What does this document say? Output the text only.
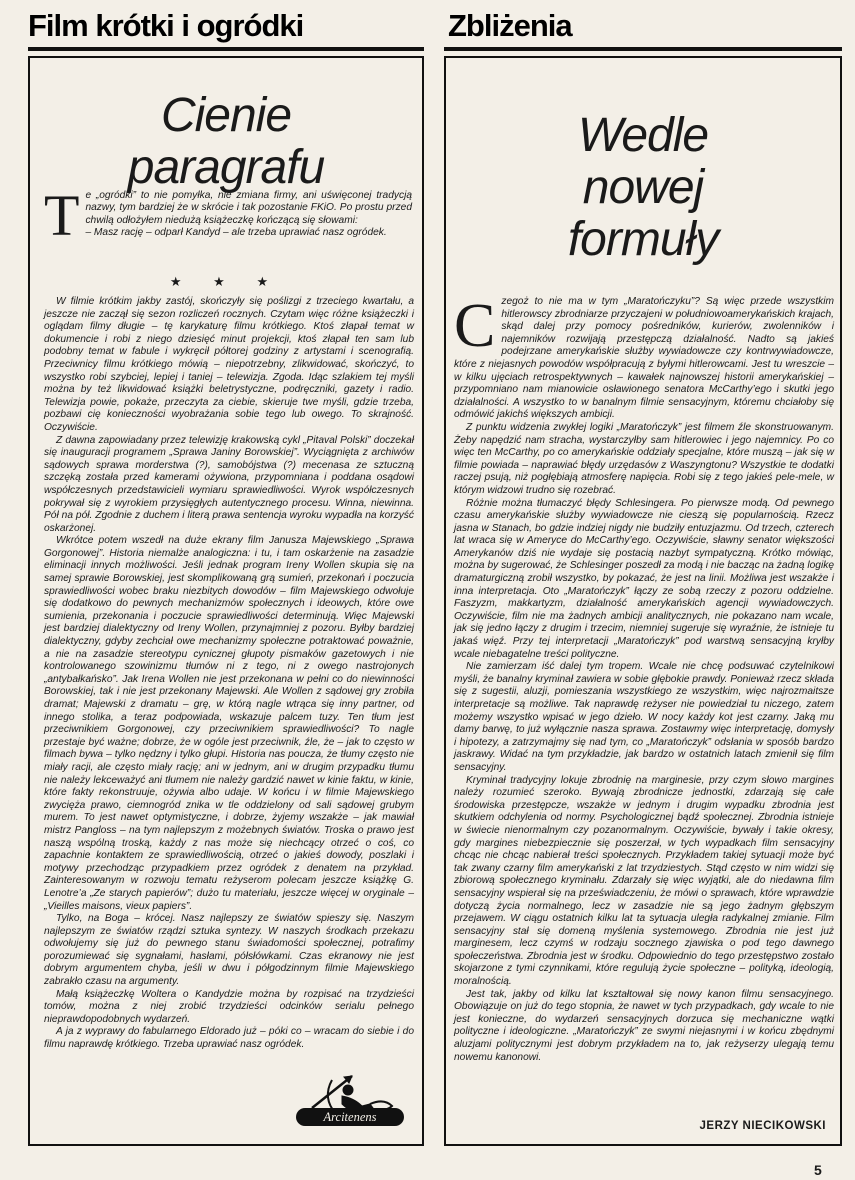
Film krótki i ogródki	Zbliżenia
Cienie
paragrafu
Wedle
nowej
formuły

Te „ogródki” to nie pomyłka, nie zmiana firmy, ani uświęconej tradycją nazwy, tym bardziej że w skrócie i tak pozostanie FKiO. Po prostu przed chwilą odłożyłem niedużą książeczkę kończącą się słowami:

– Masz rację – odparł Kandyd – ale trzeba uprawiać nasz ogródek.

★ ★ ★

W filmie krótkim jakby zastój, skończyły się poślizgi z trzeciego kwartału, a jeszcze nie zaczął się sezon rozliczeń rocznych. Czytam więc różne książeczki i oglądam filmy długie – tę karykaturę filmu krótkiego. Ktoś złapał temat w dokumencie i robi z niego dziesięć minut projekcji, ktoś złapał ten sam lub podobny temat w fabule i wykręcił półtorej godziny z artystami i scenografią. Przeciwnicy filmu krótkiego mówią – niepotrzebny, zlikwidować, skończyć, to wszystko robi szybciej, lepiej i taniej – telewizja. Zgoda. Idąc szlakiem tej myśli można by też likwidować książki beletrystyczne, podręczniki, gazety i radio. Telewizja powie, pokaże, przeczyta za ciebie, skieruje twe myśli, gdzie trzeba, pozbawi cię konieczności wyobrażania sobie tego lub owego. To skrajność. Oczywiście.

Z dawna zapowiadany przez telewizję krakowską cykl „Pitaval Polski” doczekał się inauguracji programem „Sprawa Janiny Borowskiej”. Wyciągnięta z archiwów sądowych sprawa morderstwa (?), samobójstwa (?) mecenasa ze sztuczną szczęką została przed kamerami ożywiona, przypomniana i poddana osądowi współczesnych przedstawicieli wymiaru sprawiedliwości. Wyrok współczesnych pokrywał się z wyrokiem przysięgłych autentycznego procesu. Winna, niewinna. Pół na pół. Zgodnie z duchem i literą prawa sentencja wyroku wypadła na korzyść oskarżonej.

Wkrótce potem wszedł na duże ekrany film Janusza Majewskiego „Sprawa Gorgonowej”. Historia niemalże analogiczna: i tu, i tam oskarżenie na zasadzie eliminacji innych możliwości. Jeśli jednak program Ireny Wollen skupia się na samej sprawie Borowskiej, jest skomplikowaną grą sumień, przekonań i poczucia sprawiedliwości wobec braku niezbitych dowodów – film Majewskiego odwołuje się dodatkowo do pewnych mechanizmów społecznych i ideowych, które owe sumienia, przekonania i poczucie sprawiedliwości determinują. Więc Majewski jest bardziej dialektyczny od Ireny Wollen, przynajmniej z pozoru. Byłby bardziej dialektyczny, gdyby zechciał owe mechanizmy społeczne potraktować poważnie, a nie na zasadzie stereotypu cynicznej głupoty pismaków gazetowych i nie kontrolowanego szowinizmu tłumów ni z tego, ni z owego nastrojonych „antybałkańsko”. Jak Irena Wollen nie jest przekonana w pełni co do niewinności Borowskiej, tak i nie jest przekonany Majewski. Ale Wollen z sądowej gry zrobiła dramat; Majewski z dramatu – grę, w którą nagle wtrąca się inny partner, od innego stolika, a teraz podpowiada, wskazuje palcem tuzy. Ten tłum jest przeciwnikiem Gorgonowej, czy przeciwnikiem sprawiedliwości? To nagle przestaje być ważne; dobrze, że w ogóle jest przeciwnik, źle, że – jak to często w filmach bywa – tylko nędzny i tylko głupi. Historia nas poucza, że tłumy często nie miały racji, ale często miały rację; ani w jednym, ani w drugim przypadku tłumu nie należy lekceważyć ani tłumem nie należy gardzić nawet w kinie faktu, w kinie, które fakty rekonstruuje, ożywia albo udaje. W końcu i w filmie Majewskiego zwycięża prawo, ciemnogród znika w tle oddzielony od sali sądowej grubym murem. To jest nawet optymistyczne, i dobrze, żyjemy wszakże – jak mawiał mistrz Pangloss – na tym najlepszym z możebnych światów. Troska o prawo jest naszą wspólną troską, każdy z nas może się niechcący otrzeć o coś, co zapachnie kontaktem ze sprawiedliwością, otrzeć o jakieś dowody, poszlaki i motywy przechodząc przypadkiem przez ogródek z denatem na przykład. Zainteresowanym w rozwoju tematu reżyserom polecam jeszcze książkę G. Lenotre’a „Ze starych papierów”; dużo tu materiału, jeszcze więcej w oryginale – „Vieilles maisons, vieux papiers”.

Tylko, na Boga – krócej. Nasz najlepszy ze światów spieszy się. Naszym najlepszym ze światów rządzi sztuka syntezy. W naszych środkach przekazu odwołujemy się już do pewnego stanu świadomości społecznej, potrafimy porozumiewać się sygnałami, hasłami, półsłówkami. Czas ekranowy nie jest dobrym argumentem chyba, jeśli w dwu i półgodzinnym filmie Majewskiego zabrakło czasu na argumenty.

Małą książeczkę Woltera o Kandydzie można by rozpisać na trzydzieści tomów, można z niej zrobić trzydzieści odcinków serialu pełnego nieprawdopodobnych wydarzeń.

A ja z wyprawy do fabularnego Eldorado już – póki co – wracam do siebie i do filmu naprawdę krótkiego. Trzeba uprawiać nasz ogródek.

Arcitenens

Czegoż to nie ma w tym „Maratończyku”? Są więc przede wszystkim hitlerowscy zbrodniarze przyczajeni w południowoamerykańskich krajach, skąd dalej przy pomocy pośredników, kurierów, zwolenników i najemników rozwijają przestępczą działalność. Nadto są jakieś podejrzane amerykańskie służby wywiadowcze czy kontrwywiadowcze, które z niejasnych powodów współpracują z byłymi hitlerowcami. Jest tu wreszcie – w kilku ujęciach retrospektywnych – kawałek najnowszej historii amerykańskiej – przypomniano nam mianowicie osławionego senatora McCarthy’ego i skutki jego działalności. A wszystko to w banalnym filmie sensacyjnym, któremu chciałoby się odmówić jakichś większych ambicji.

Z punktu widzenia zwykłej logiki „Maratończyk” jest filmem źle skonstruowanym. Żeby napędzić nam stracha, wystarczyłby sam hitlerowiec i jego najemnicy. Po co więc ten McCarthy, po co amerykańskie oddziały specjalne, które muszą – jak się w filmie powiada – naprawiać błędy urzędasów z Waszyngtonu? Wszystkie te dodatki raczej psują, niż pogłębiają atmosferę napięcia. Robi się z tego jakieś pele-mele, w którym widzowi trudno się rozebrać.

Różnie można tłumaczyć błędy Schlesingera. Po pierwsze modą. Od pewnego czasu amerykańskie służby wywiadowcze nie cieszą się popularnością. Rzecz jasna w Stanach, bo gdzie indziej nigdy nie budziły entuzjazmu. Od trzech, czterech lat wraca się w Ameryce do McCarthy’ego. Oczywiście, sławny senator większości Amerykanów dziś nie wydaje się postacią nazbyt sympatyczną. Krótko mówiąc, można by sugerować, że Schlesinger poszedł za modą i nie bacząc na żadną logikę dramaturgiczną zrobił wszystko, by pokazać, że jest na linii. Możliwa jest wszakże i inna interpretacja. Oto „Maratończyk” łączy ze sobą rzeczy z pozoru oddzielne. Faszyzm, makkartyzm, działalność amerykańskich agencji wywiadowczych. Oczywiście, film nie ma żadnych ambicji analitycznych, nie pokazano nam wcale, jak się jedno łączy z drugim i trzecim, niemniej sugeruje się wyraźnie, że istnieje tu jakaś więź. Przy tej interpretacji „Maratończyk” pod warstwą sensacyjną kryłby wcale niebagatelne treści polityczne.

Nie zamierzam iść dalej tym tropem. Wcale nie chcę podsuwać czytelnikowi myśli, że banalny kryminał zawiera w sobie głębokie prawdy. Ponieważ rzecz składa się z sugestii, aluzji, pomieszania wszystkiego ze wszystkim, więc najrozmaitsze interpretacje są możliwe. Tak naprawdę reżyser nie powiedział tu niczego, zatem możemy wszystko wpisać w jego dzieło. W nocy każdy kot jest czarny. Jaką mu damy barwę, to już wyłącznie nasza sprawa. Zostawmy więc interpretację, domysły i hipotezy, a zatrzymajmy się nad tym, co „Maratończyk” odsłania w sposób bardzo jaskrawy. Widać na tym przykładzie, jak bardzo w ostatnich latach zmienił się film sensacyjny.

Kryminał tradycyjny lokuje zbrodnię na marginesie, przy czym słowo margines należy rozumieć szeroko. Bywają zbrodnicze jednostki, zdarzają się całe środowiska przestępcze, wszakże w jednym i drugim wypadku zbrodnia jest skutkiem odchylenia od normy. Psychologicznej bądź społecznej. Zbrodnia istnieje w świecie nienormalnym czy pozanormalnym. Oczywiście, bywały i takie okresy, gdy margines niebezpiecznie się poszerzał, w tych wypadkach film sensacyjny chcąc nie chcąc nabierał treści społecznych. Przykładem takiej sytuacji może być tak zwany czarny film amerykański z lat trzydziestych. Stąd często w nim widzi się zbiorową społecznego kryminału. Zdarzały się więc wyjątki, ale do niedawna film sensacyjny wspierał się na przeświadczeniu, że mówi o sprawach, które wprawdzie dotyczą życia normalnego, lecz w zasadzie nie są jego żadnym głębszym przejawem. W ciągu ostatnich kilku lat ta sytuacja uległa radykalnej zmianie. Film sensacyjny stał się domeną myślenia systemowego. Zbrodnia nie jest już marginesem, lecz czymś w rodzaju socznego zjawiska o pod tego dawnego społeczeństwa. Zbrodnia jest w środku. Odpowiednio do tego przestępstwo zostało skojarzone z tymi czynnikami, które regulują życie społeczne – polityką, ideologią, moralnością.

Jest tak, jakby od kilku lat kształtował się nowy kanon filmu sensacyjnego. Obowiązuje on już do tego stopnia, że nawet w tych przypadkach, gdy wcale to nie jest konieczne, do wydarzeń sensacyjnych dorzuca się mechaniczne wątki polityczne i ideologiczne. „Maratończyk” ze swymi niejasnymi i w końcu zbędnymi aluzjami politycznymi jest dobrym przykładem na to, jak reżyserzy ulegają temu nowemu kanonowi.

JERZY NIECIKOWSKI
5
